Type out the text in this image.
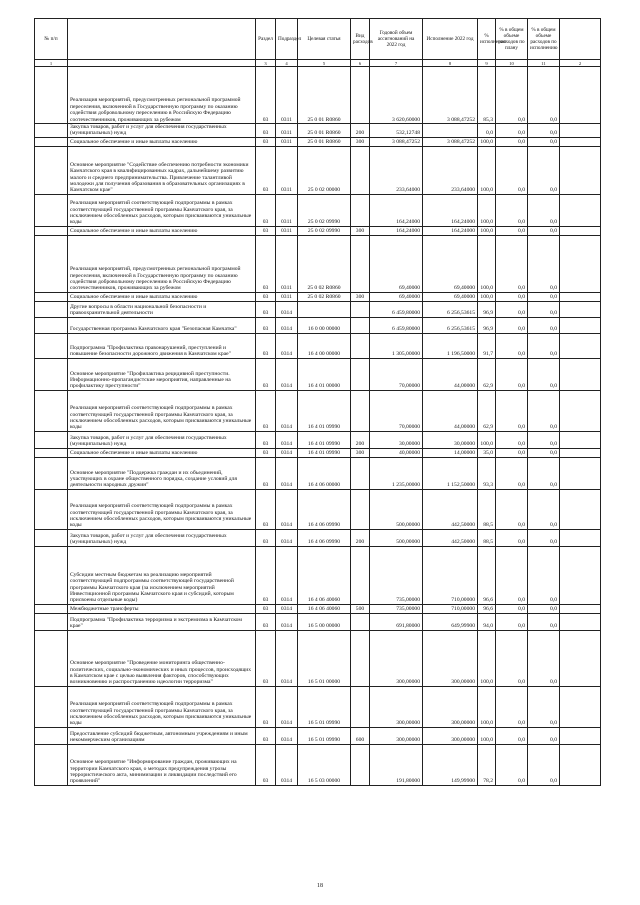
№ п/п		Раздел	Подраздел	Целевая статья	Вид расходов	Годовой объем ассигнований на 2022 год	Исполнение 2022 год	% исполнения	% в общем объеме расходов по плану	% в общем объеме расходов по исполнению	
1		3	4	5	6	7	8	9	10	11	2
	Реализация мероприятий, предусмотренных региональной программой переселения, включенной в Государственную программу по оказанию содействия добровольному переселению в Российскую Федерацию соотечественников, проживающих за рубежом	03	0311	25 0 01 R0860		3 620,60000	3 088,47252	85,3	0,0	0,0	
	Закупка товаров, работ и услуг для обеспечения государственных (муниципальных) нужд	03	0311	25 0 01 R0860	200	532,12748		0,0	0,0	0,0	
	Социальное обеспечение и иные выплаты населению	03	0311	25 0 01 R0860	300	3 088,47252	3 088,47252	100,0	0,0	0,0	
	Основное мероприятие "Содействие обеспечению потребности экономики Камчатского края в квалифицированных кадрах, дальнейшему развитию малого и среднего предпринимательства. Привлечение талантливой молодежи для получения образования в образовательных организациях в Камчатском крае"	03	0311	25 0 02 00000		233,64000	233,64000	100,0	0,0	0,0	
	Реализация мероприятий соответствующей подпрограммы в рамках соответствующей государственной программы Камчатского края, за исключением обособленных расходов, которым присваиваются уникальные коды	03	0311	25 0 02 09990		164,24000	164,24000	100,0	0,0	0,0	
	Социальное обеспечение и иные выплаты населению	03	0311	25 0 02 09990	300	164,24000	164,24000	100,0	0,0	0,0	
	Реализация мероприятий, предусмотренных региональной программой переселения, включенной в Государственную программу по оказанию содействия добровольному переселению в Российскую Федерацию соотечественников, проживающих за рубежом	03	0311	25 0 02 R0860		69,40000	69,40000	100,0	0,0	0,0	
	Социальное обеспечение и иные выплаты населению	03	0311	25 0 02 R0860	300	69,40000	69,40000	100,0	0,0	0,0	
	Другие вопросы в области национальной безопасности и правоохранительной деятельности	03	0314			6 459,80000	6 256,53615	96,9	0,0	0,0	
	Государственная программа Камчатского края "Безопасная Камчатка"	03	0314	16 0 00 00000		6 459,80000	6 256,53615	96,9	0,0	0,0	
	Подпрограмма "Профилактика правонарушений, преступлений и повышение безопасности дорожного движения в Камчатском крае"	03	0314	16 4 00 00000		1 305,00000	1 196,50000	91,7	0,0	0,0	
	Основное мероприятие "Профилактика рецидивной преступности. Информационно-пропагандистские мероприятия, направленные на профилактику преступности"	03	0314	16 4 01 00000		70,00000	44,00000	62,9	0,0	0,0	
	Реализация мероприятий соответствующей подпрограммы в рамках соответствующей государственной программы Камчатского края, за исключением обособленных расходов, которым присваиваются уникальные коды	03	0314	16 4 01 09990		70,00000	44,00000	62,9	0,0	0,0	
	Закупка товаров, работ и услуг для обеспечения государственных (муниципальных) нужд	03	0314	16 4 01 09990	200	30,00000	30,00000	100,0	0,0	0,0	
	Социальное обеспечение и иные выплаты населению	03	0314	16 4 01 09990	300	40,00000	14,00000	35,0	0,0	0,0	
	Основное мероприятие "Поддержка граждан и их объединений, участвующих в охране общественного порядка, создание условий для деятельности народных дружин"	03	0314	16 4 06 00000		1 235,00000	1 152,50000	93,3	0,0	0,0	
	Реализация мероприятий соответствующей подпрограммы в рамках соответствующей государственной программы Камчатского края, за исключением обособленных расходов, которым присваиваются уникальные коды	03	0314	16 4 06 09990		500,00000	442,50000	88,5	0,0	0,0	
	Закупка товаров, работ и услуг для обеспечения государственных (муниципальных) нужд	03	0314	16 4 06 09990	200	500,00000	442,50000	88,5	0,0	0,0	
	Субсидии местным бюджетам на реализацию мероприятий соответствующей подпрограммы соответствующей государственной программы Камчатского края (за исключением мероприятий Инвестиционной программы Камчатского края и субсидий, которым присвоены отдельные коды)	03	0314	16 4 06 40060		735,00000	710,00000	96,6	0,0	0,0	
	Межбюджетные трансферты	03	0314	16 4 06 40060	500	735,00000	710,00000	96,6	0,0	0,0	
	Подпрограмма "Профилактика терроризма и экстремизма в Камчатском крае"	03	0314	16 5 00 00000		691,80000	649,99900	94,0	0,0	0,0	
	Основное мероприятие "Проведение мониторинга общественно-политических, социально-экономических и иных процессов, происходящих в Камчатском крае с целью выявления факторов, способствующих возникновению и распространению идеологии терроризма"	03	0314	16 5 01 00000		300,00000	300,00000	100,0	0,0	0,0	
	Реализация мероприятий соответствующей подпрограммы в рамках соответствующей государственной программы Камчатского края, за исключением обособленных расходов, которым присваиваются уникальные коды	03	0314	16 5 01 09990		300,00000	300,00000	100,0	0,0	0,0	
	Предоставление субсидий бюджетным, автономным учреждениям и иным некоммерческим организациям	03	0314	16 5 01 09990	600	300,00000	300,00000	100,0	0,0	0,0	
	Основное мероприятие "Информирование граждан, проживающих на территории Камчатского края, о методах предупреждения угрозы террористического акта, минимизации и ликвидации последствий его проявлений"	03	0314	16 5 03 00000		191,80000	149,99900	78,2	0,0	0,0	
18
